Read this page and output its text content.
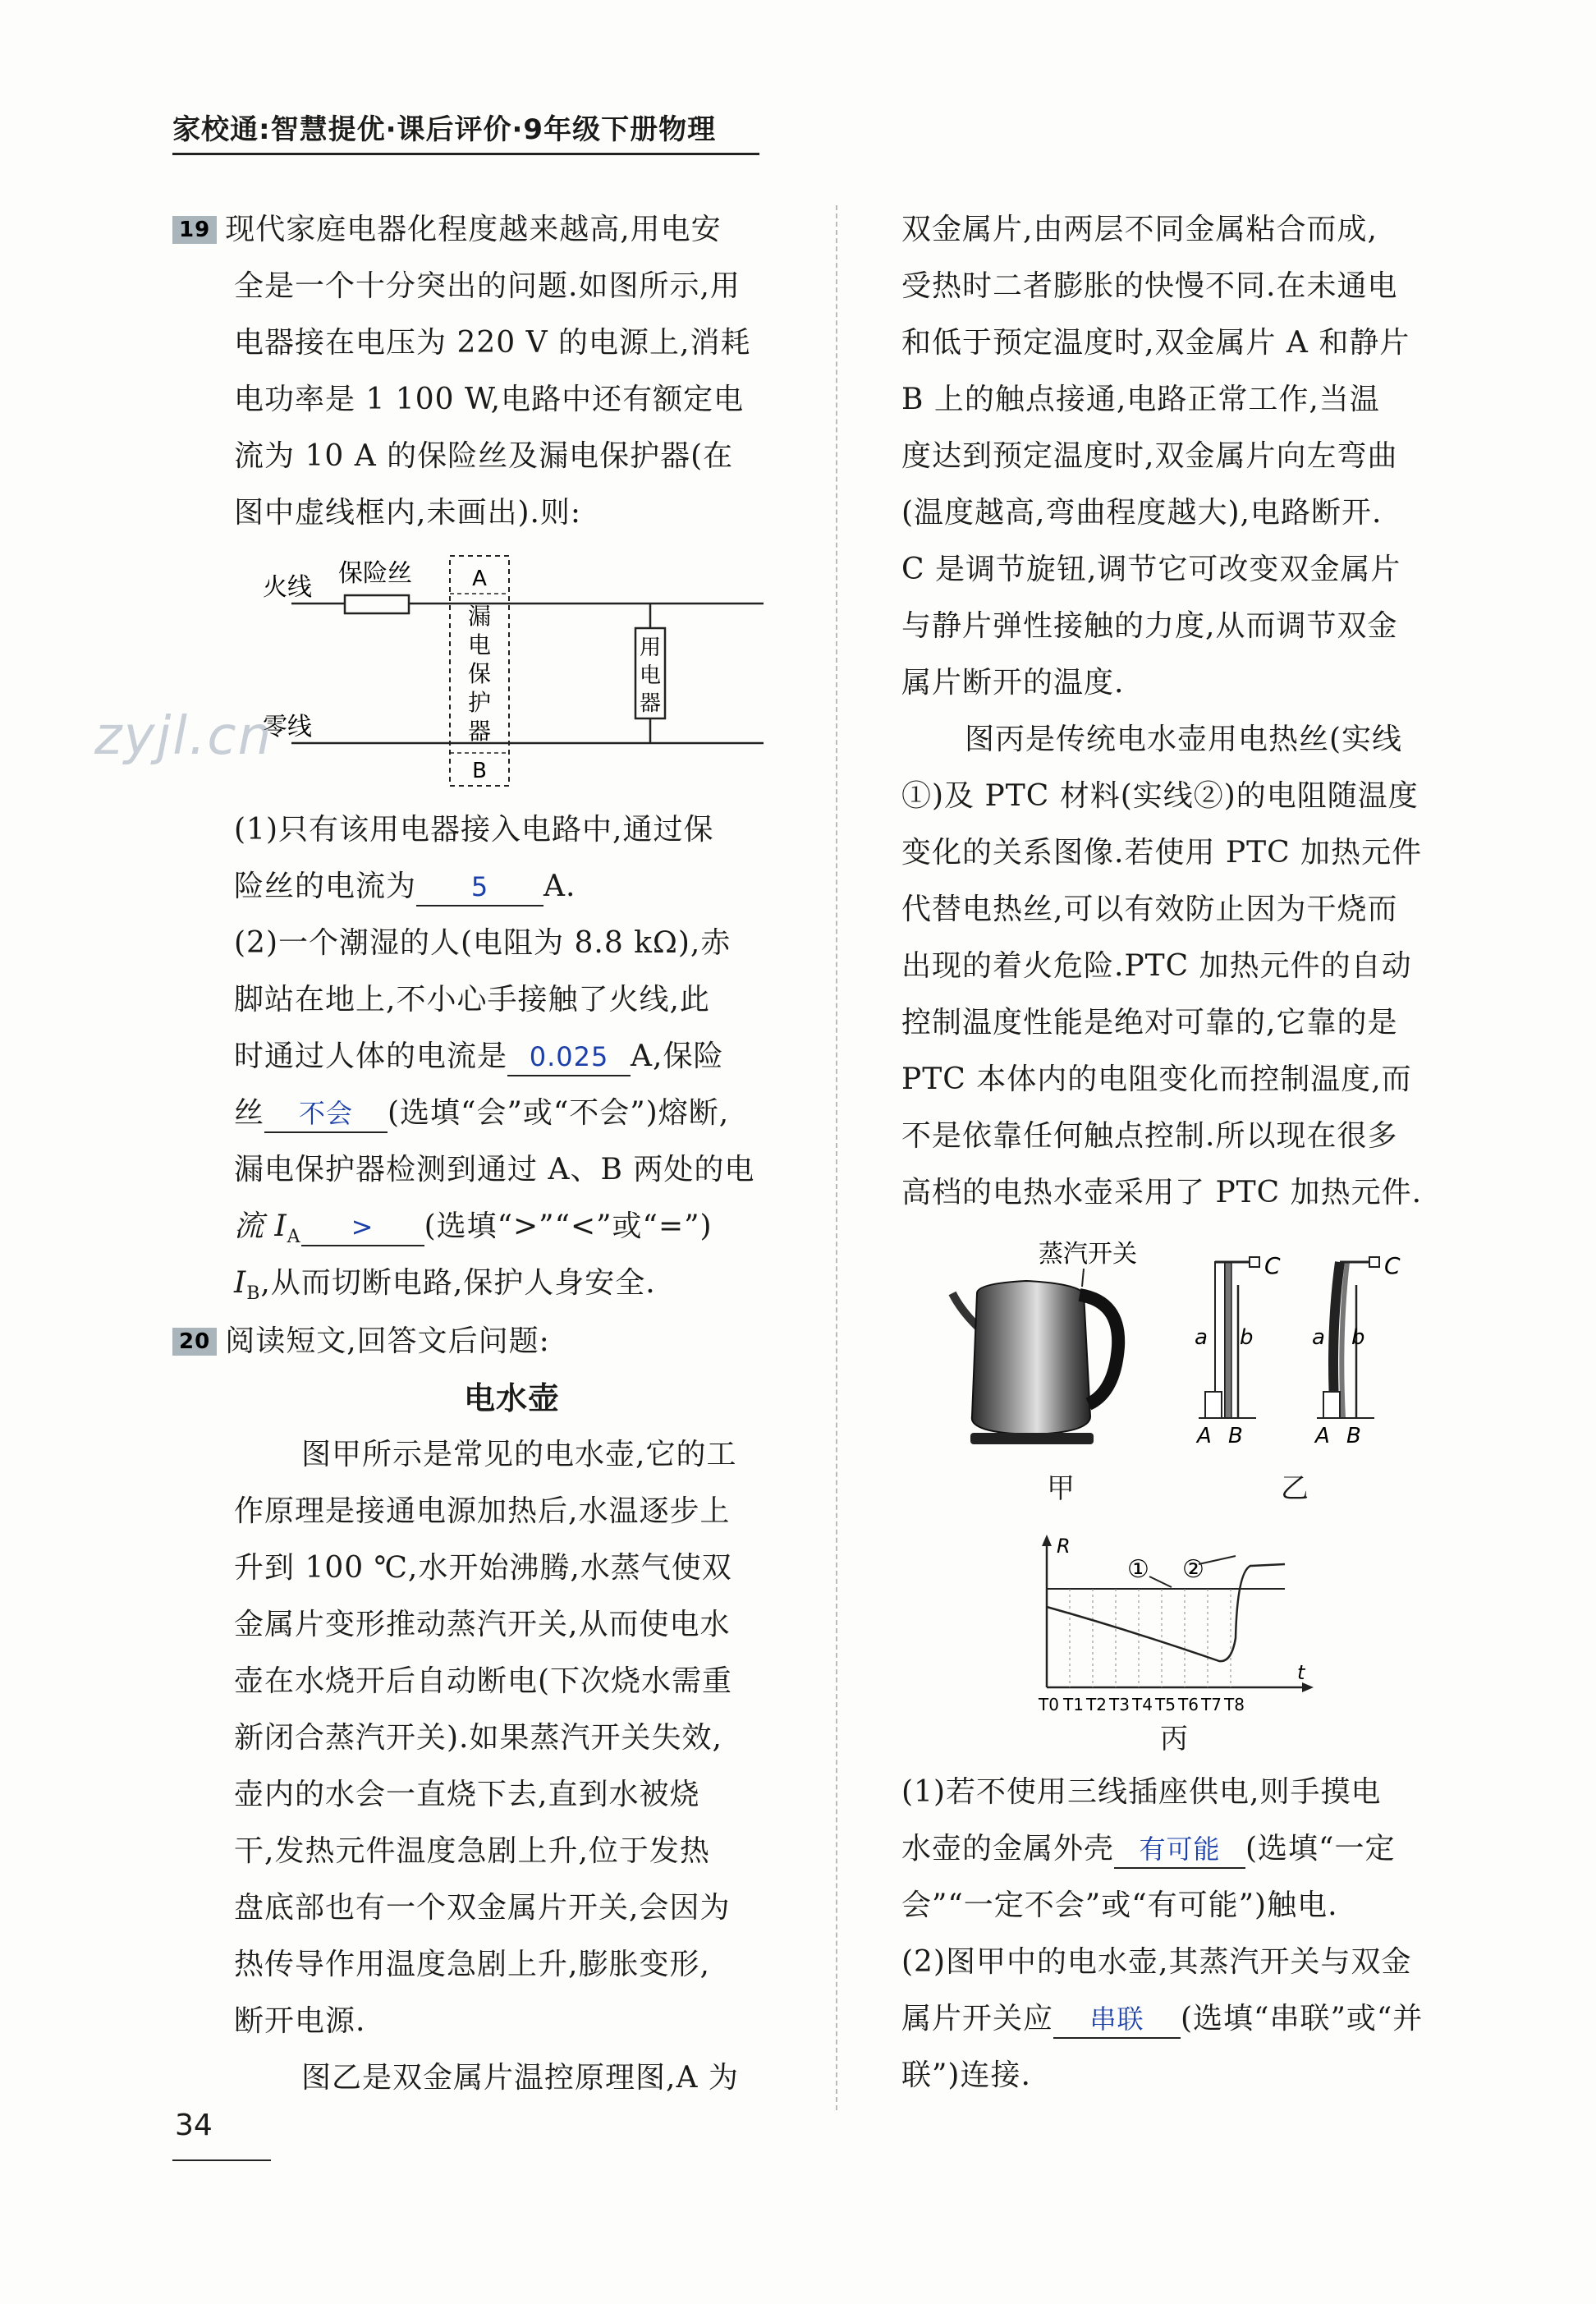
家校通:智慧提优·课后评价·9年级下册物理
zyjl.cn
19 现代家庭电器化程度越来越高,用电安
全是一个十分突出的问题.如图所示,用
电器接在电压为 220 V 的电源上,消耗
电功率是 1 100 W,电路中还有额定电
流为 10 A 的保险丝及漏电保护器(在
图中虚线框内,未画出).则:
火线
零线
保险丝	A
漏
电
保
护
器
B
用
电
器
(1)只有该用电器接入电路中,通过保
险丝的电流为 5 A.
(2)一个潮湿的人(电阻为 8.8 kΩ),赤
脚站在地上,不小心手接触了火线,此
时通过人体的电流是 0.025 A,保险
丝 不会 (选填“会”或“不会”)熔断,
漏电保护器检测到通过 A、B 两处的电
流 $I_A$ > (选填“>”“<”或“=”)
$I_B$,从而切断电路,保护人身安全.
20 阅读短文,回答文后问题:
电水壶
图甲所示是常见的电水壶,它的工
作原理是接通电源加热后,水温逐步上
升到 100 ℃,水开始沸腾,水蒸气使双
金属片变形推动蒸汽开关,从而使电水
壶在水烧开后自动断电(下次烧水需重
新闭合蒸汽开关).如果蒸汽开关失效,
壶内的水会一直烧下去,直到水被烧
干,发热元件温度急剧上升,位于发热
盘底部也有一个双金属片开关,会因为
热传导作用温度急剧上升,膨胀变形,
断开电源.
图乙是双金属片温控原理图,A 为
双金属片,由两层不同金属粘合而成,
受热时二者膨胀的快慢不同.在未通电
和低于预定温度时,双金属片 A 和静片
B 上的触点接通,电路正常工作,当温
度达到预定温度时,双金属片向左弯曲
(温度越高,弯曲程度越大),电路断开.
C 是调节旋钮,调节它可改变双金属片
与静片弹性接触的力度,从而调节双金
属片断开的温度.
图丙是传统电水壶用电热丝(实线
①)及 PTC 材料(实线②)的电阻随温度
变化的关系图像.若使用 PTC 加热元件
代替电热丝,可以有效防止因为干烧而
出现的着火危险.PTC 加热元件的自动
控制温度性能是绝对可靠的,它靠的是
PTC 本体内的电阻变化而控制温度,而
不是依靠任何触点控制.所以现在很多
高档的电热水壶采用了 PTC 加热元件.
蒸汽开关	C
a b
A B
C
a b
A B
甲	乙
R
t
① ②
T0 T1 T2 T3 T4 T5 T6 T7 T8
丙
(1)若不使用三线插座供电,则手摸电
水壶的金属外壳 有可能 (选填“一定
会”“一定不会”或“有可能”)触电.
(2)图甲中的电水壶,其蒸汽开关与双金
属片开关应 串联 (选填“串联”或“并
联”)连接.
34
